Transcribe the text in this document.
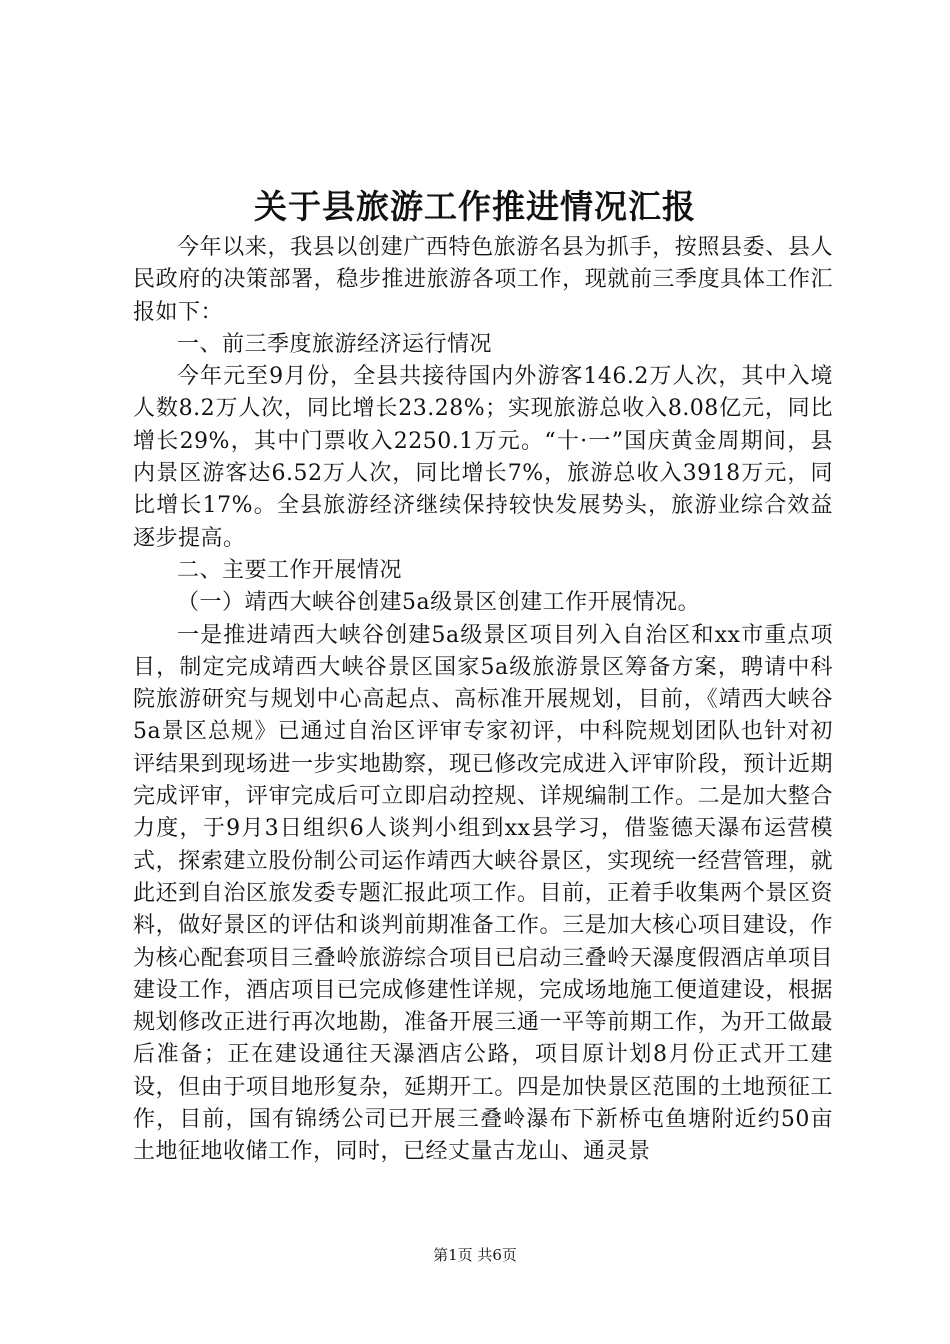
关于县旅游工作推进情况汇报

今年以来，我县以创建广西特色旅游名县为抓手，按照县委、县人民政府的决策部署，稳步推进旅游各项工作，现就前三季度具体工作汇报如下：

一、前三季度旅游经济运行情况

今年元至9月份，全县共接待国内外游客146.2万人次，其中入境人数8.2万人次，同比增长23.28%；实现旅游总收入8.08亿元，同比增长29%，其中门票收入2250.1万元。“十·一”国庆黄金周期间，县内景区游客达6.52万人次，同比增长7%，旅游总收入3918万元，同比增长17%。全县旅游经济继续保持较快发展势头，旅游业综合效益逐步提高。

二、主要工作开展情况

（一）靖西大峡谷创建5a级景区创建工作开展情况。

一是推进靖西大峡谷创建5a级景区项目列入自治区和xx市重点项目，制定完成靖西大峡谷景区国家5a级旅游景区筹备方案，聘请中科院旅游研究与规划中心高起点、高标准开展规划，目前，《靖西大峡谷5a景区总规》已通过自治区评审专家初评，中科院规划团队也针对初评结果到现场进一步实地勘察，现已修改完成进入评审阶段，预计近期完成评审，评审完成后可立即启动控规、详规编制工作。二是加大整合力度，于9月3日组织6人谈判小组到xx县学习，借鉴德天瀑布运营模式，探索建立股份制公司运作靖西大峡谷景区，实现统一经营管理，就此还到自治区旅发委专题汇报此项工作。目前，正着手收集两个景区资料，做好景区的评估和谈判前期准备工作。三是加大核心项目建设，作为核心配套项目三叠岭旅游综合项目已启动三叠岭天瀑度假酒店单项目建设工作，酒店项目已完成修建性详规，完成场地施工便道建设，根据规划修改正进行再次地勘，准备开展三通一平等前期工作，为开工做最后准备；正在建设通往天瀑酒店公路，项目原计划8月份正式开工建设，但由于项目地形复杂，延期开工。四是加快景区范围的土地预征工作，目前，国有锦绣公司已开展三叠岭瀑布下新桥屯鱼塘附近约50亩土地征地收储工作，同时，已经丈量古龙山、通灵景

第1页 共6页
